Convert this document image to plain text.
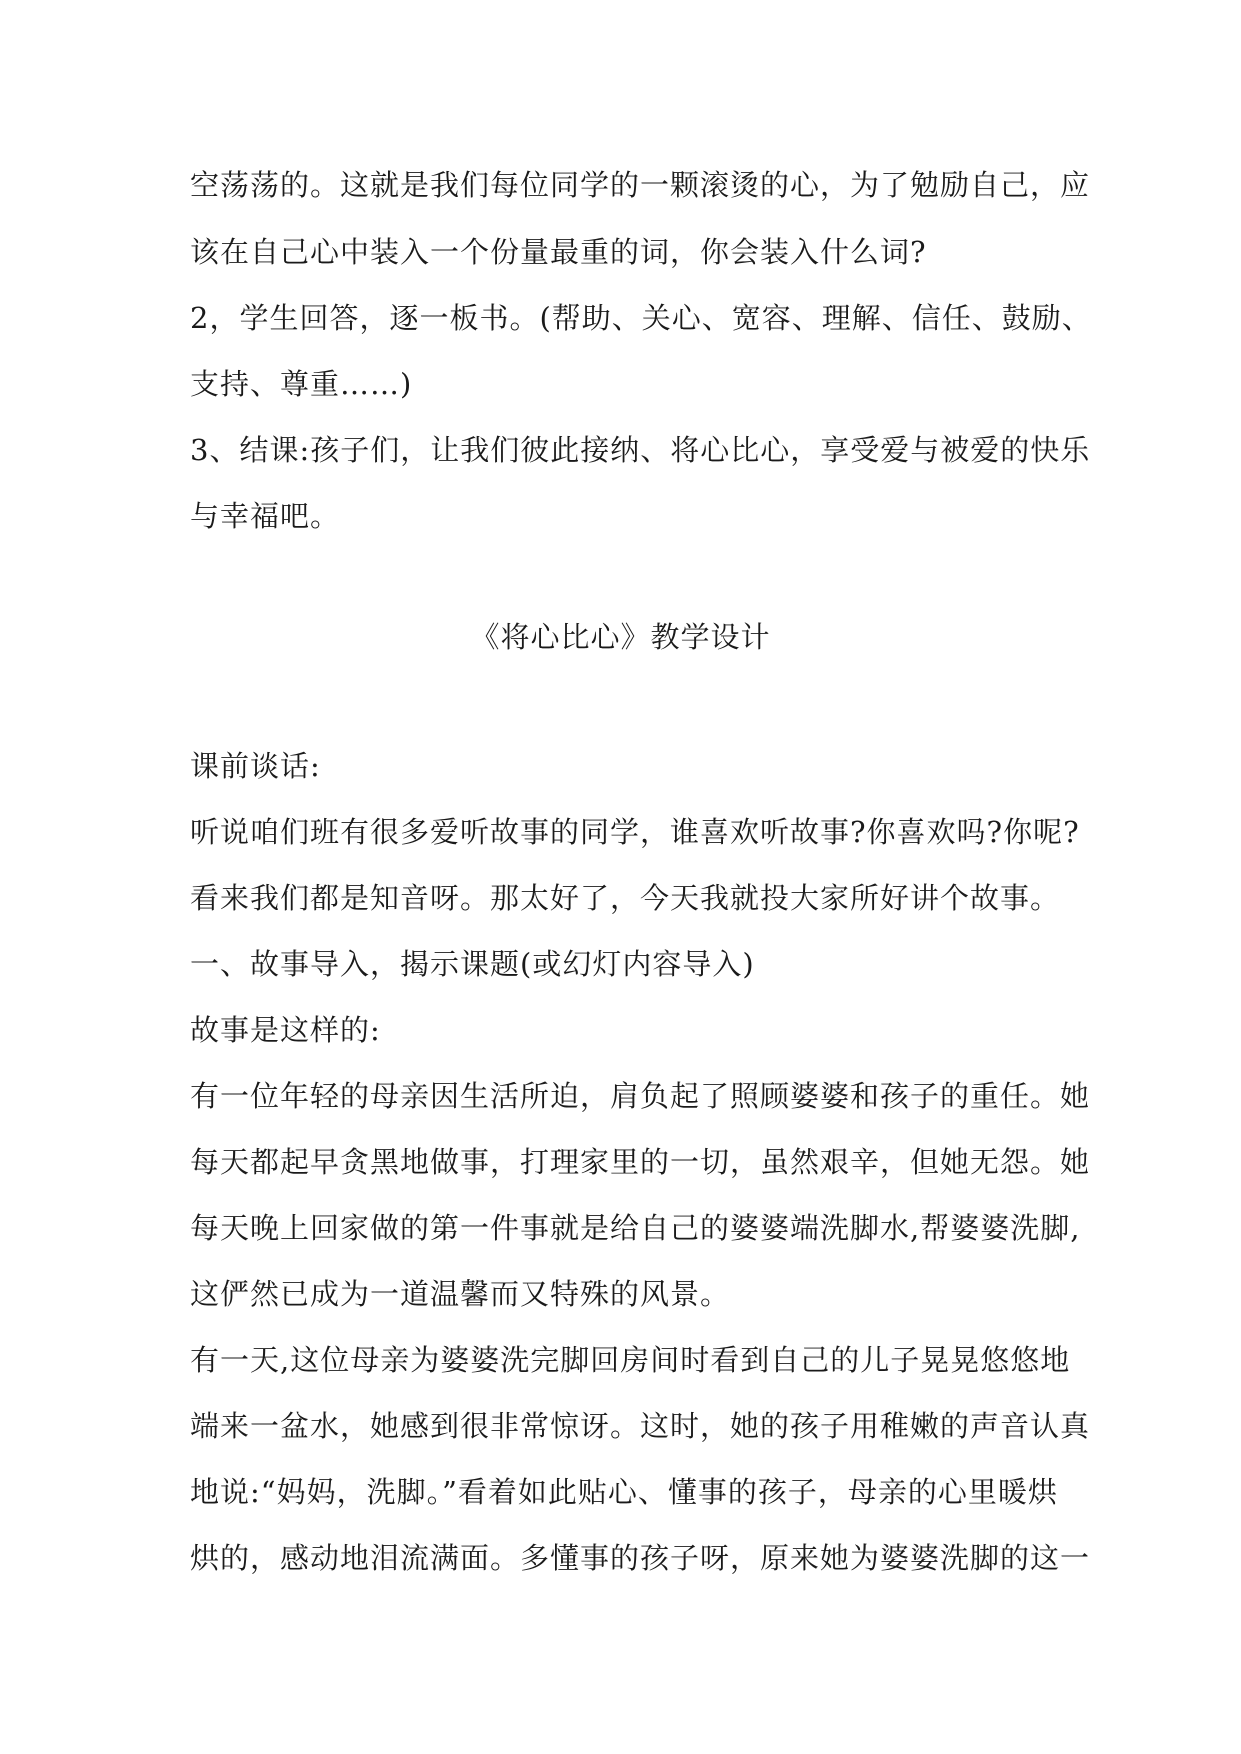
空荡荡的。这就是我们每位同学的一颗滚烫的心，为了勉励自己，应

该在自己心中装入一个份量最重的词，你会装入什么词?

2，学生回答，逐一板书。(帮助、关心、宽容、理解、信任、鼓励、

支持、尊重……)

3、结课:孩子们，让我们彼此接纳、将心比心，享受爱与被爱的快乐

与幸福吧。

《将心比心》教学设计

课前谈话:

听说咱们班有很多爱听故事的同学，谁喜欢听故事?你喜欢吗?你呢?

看来我们都是知音呀。那太好了，今天我就投大家所好讲个故事。

一、故事导入，揭示课题(或幻灯内容导入)

故事是这样的:

有一位年轻的母亲因生活所迫，肩负起了照顾婆婆和孩子的重任。她

每天都起早贪黑地做事，打理家里的一切，虽然艰辛，但她无怨。她

每天晚上回家做的第一件事就是给自己的婆婆端洗脚水,帮婆婆洗脚,

这俨然已成为一道温馨而又特殊的风景。

有一天,这位母亲为婆婆洗完脚回房间时看到自己的儿子晃晃悠悠地

端来一盆水，她感到很非常惊讶。这时，她的孩子用稚嫩的声音认真

地说:“妈妈，洗脚。”看着如此贴心、懂事的孩子，母亲的心里暖烘

烘的，感动地泪流满面。多懂事的孩子呀，原来她为婆婆洗脚的这一
